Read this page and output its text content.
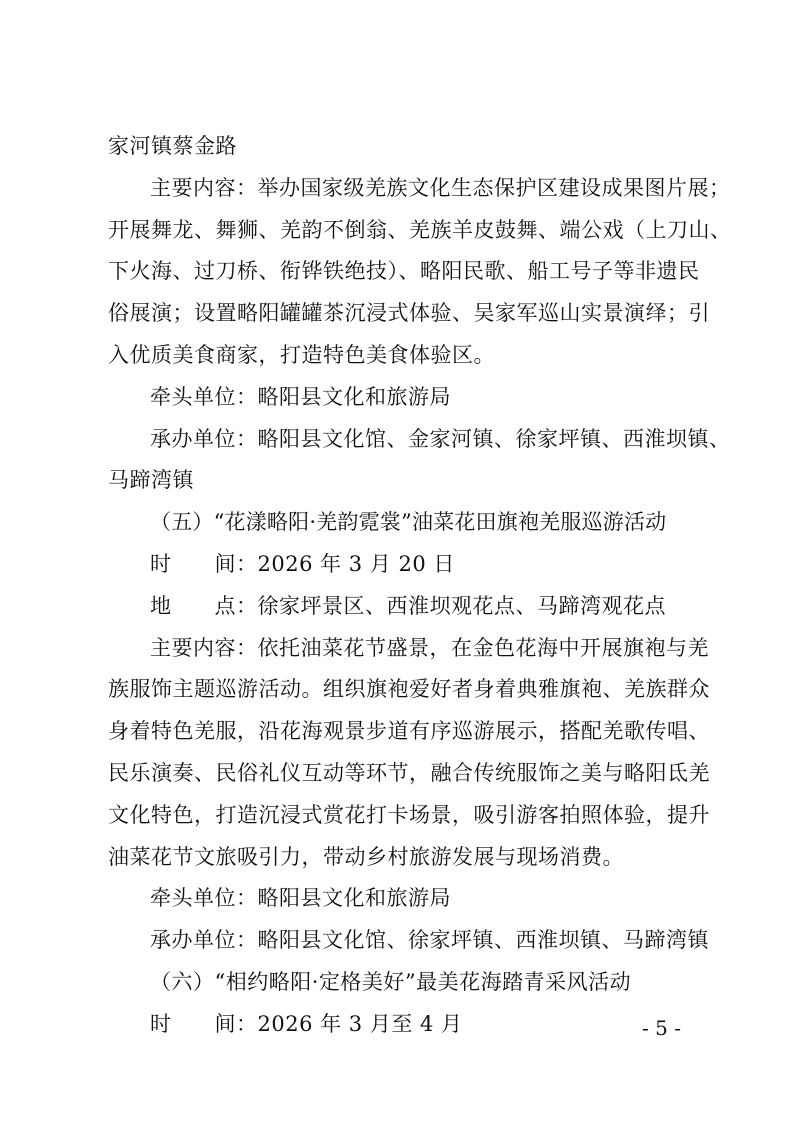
家河镇蔡金路
主要内容：举办国家级羌族文化生态保护区建设成果图片展；
开展舞龙、舞狮、羌韵不倒翁、羌族羊皮鼓舞、端公戏（上刀山、
下火海、过刀桥、衔铧铁绝技）、略阳民歌、船工号子等非遗民
俗展演；设置略阳罐罐茶沉浸式体验、吴家军巡山实景演绎；引
入优质美食商家，打造特色美食体验区。
牵头单位：略阳县文化和旅游局
承办单位：略阳县文化馆、金家河镇、徐家坪镇、西淮坝镇、
马蹄湾镇
（五）“花漾略阳·羌韵霓裳”油菜花田旗袍羌服巡游活动
时　　间：2026 年 3 月 20 日
地　　点：徐家坪景区、西淮坝观花点、马蹄湾观花点
主要内容：依托油菜花节盛景，在金色花海中开展旗袍与羌
族服饰主题巡游活动。组织旗袍爱好者身着典雅旗袍、羌族群众
身着特色羌服，沿花海观景步道有序巡游展示，搭配羌歌传唱、
民乐演奏、民俗礼仪互动等环节，融合传统服饰之美与略阳氐羌
文化特色，打造沉浸式赏花打卡场景，吸引游客拍照体验，提升
油菜花节文旅吸引力，带动乡村旅游发展与现场消费。
牵头单位：略阳县文化和旅游局
承办单位：略阳县文化馆、徐家坪镇、西淮坝镇、马蹄湾镇
（六）“相约略阳·定格美好”最美花海踏青采风活动
时　　间：2026 年 3 月至 4 月	- 5 -
